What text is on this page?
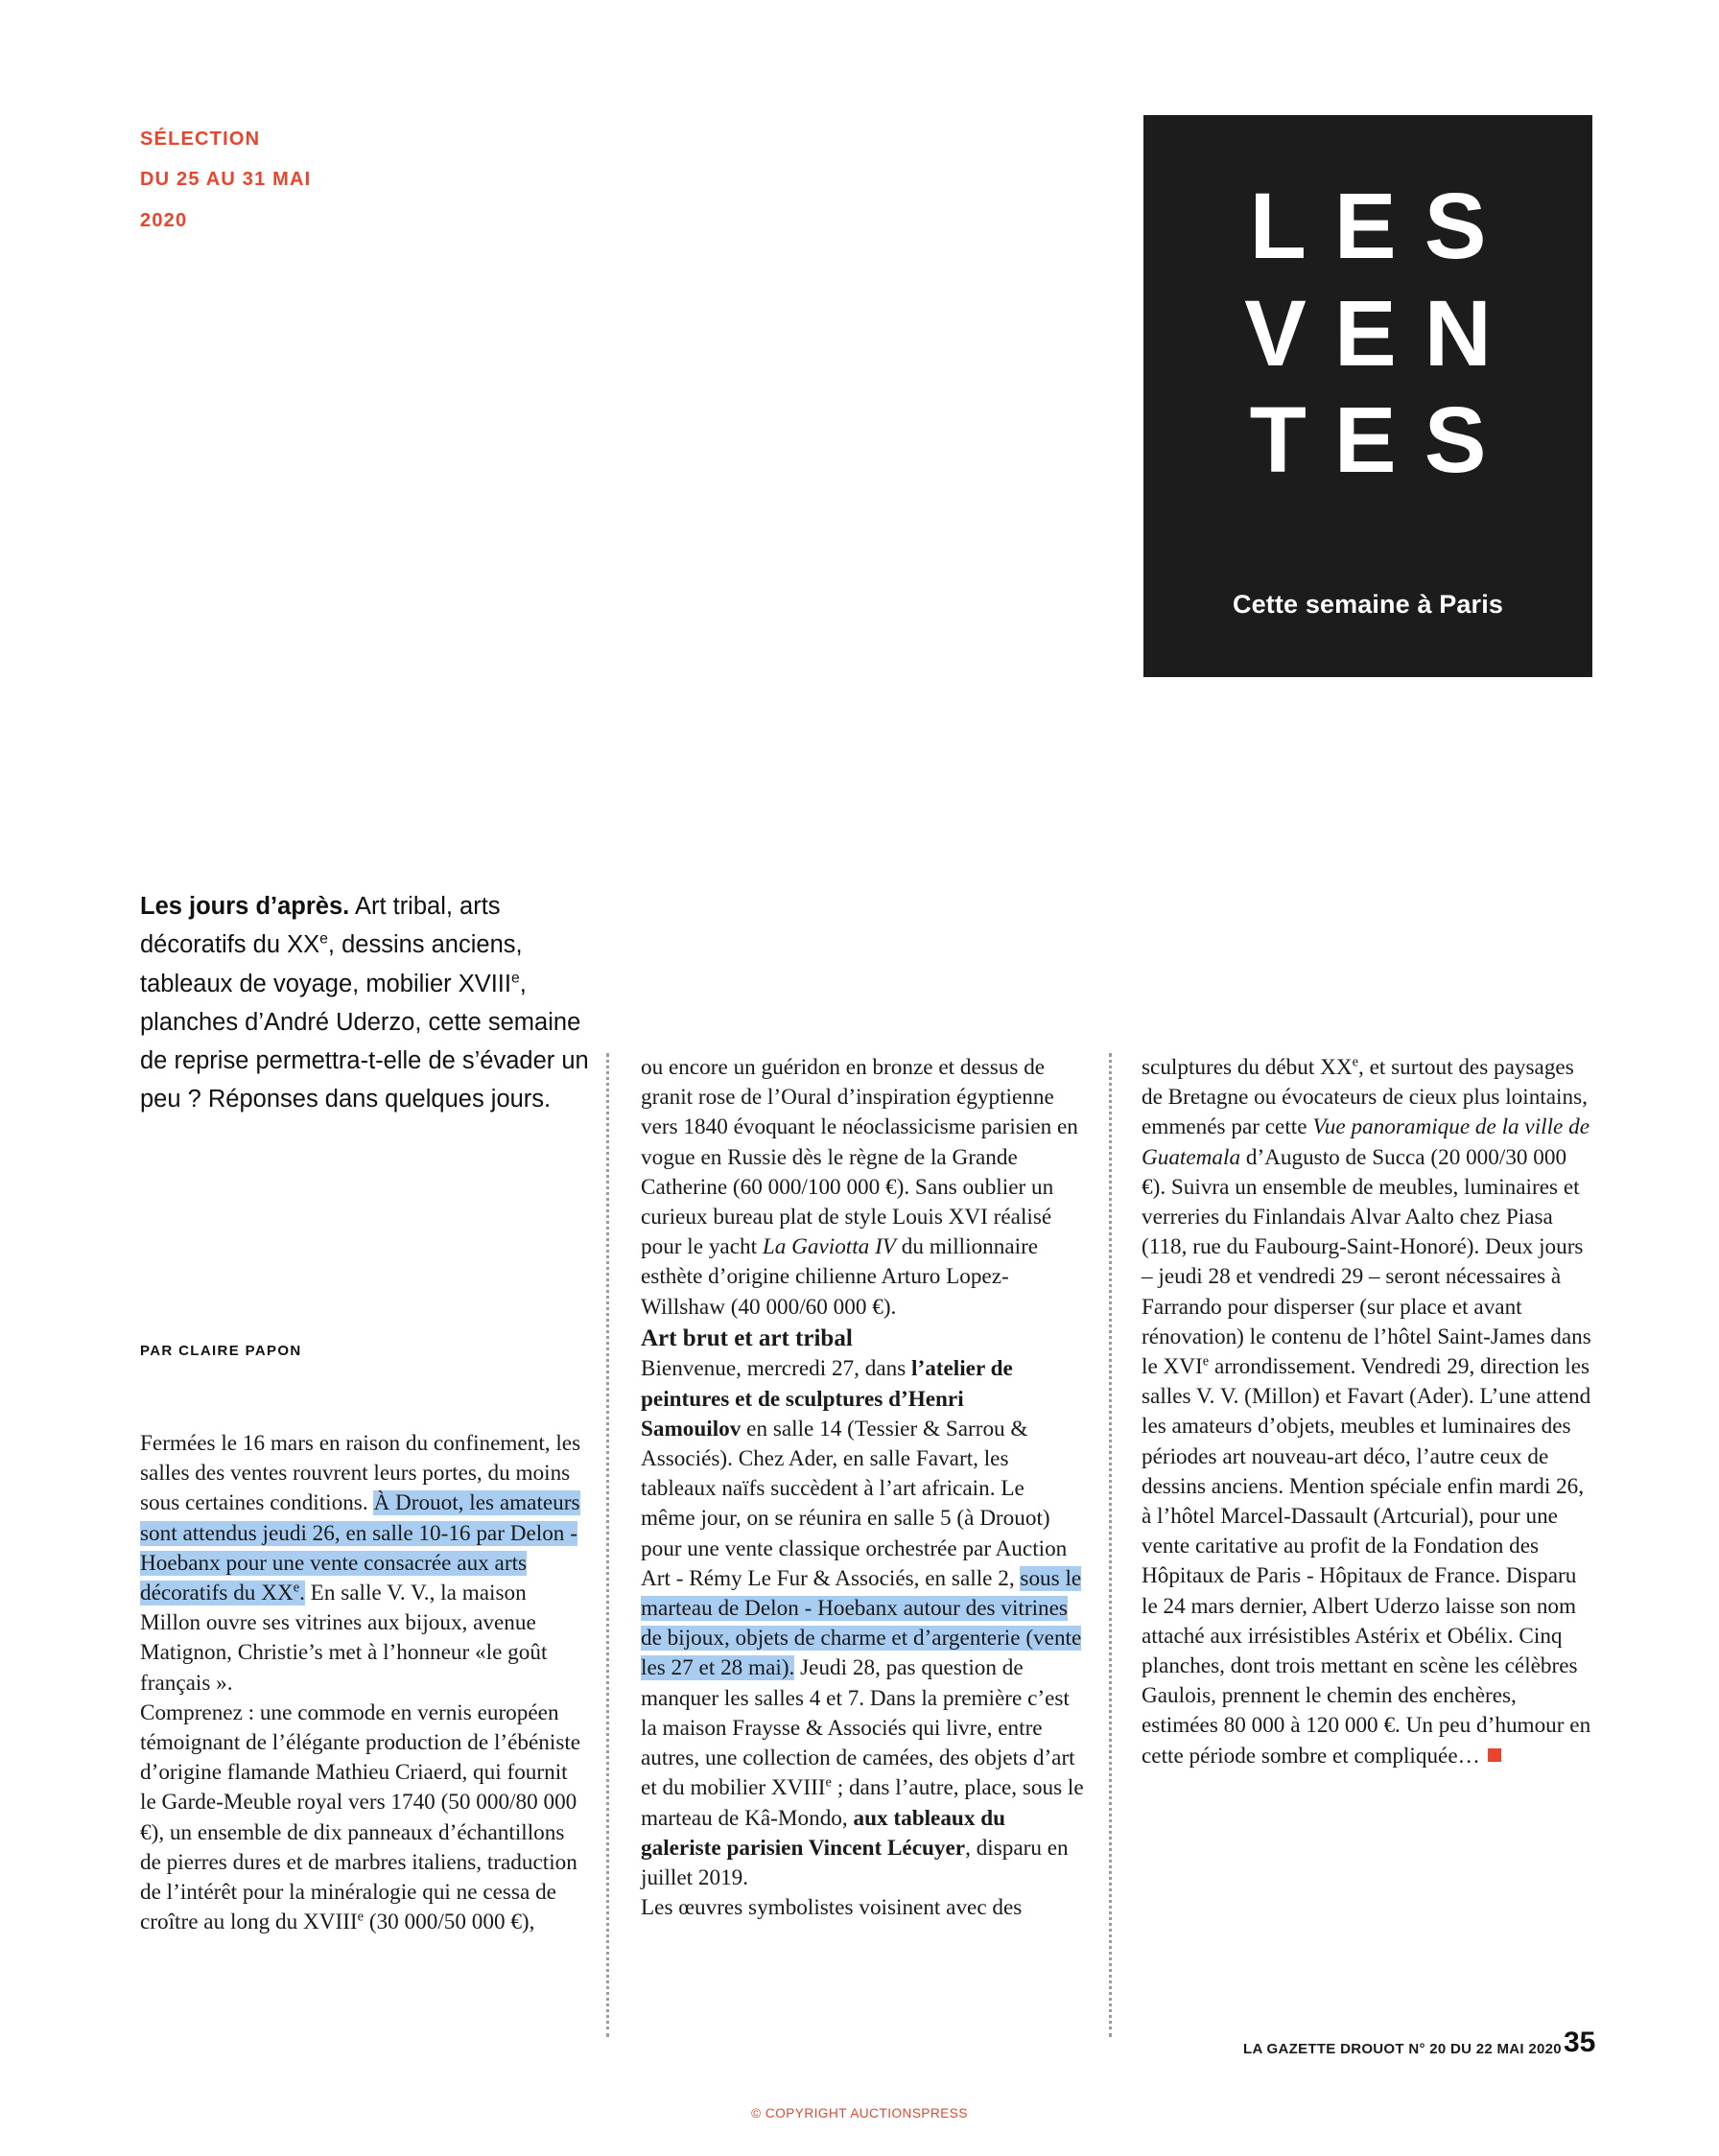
SÉLECTION
DU 25 AU 31 MAI
2020	LES
VEN
TES
Cette semaine à Paris
Les jours d’après. Art tribal, arts décoratifs du XXe, dessins anciens, tableaux de voyage, mobilier XVIIIe, planches d’André Uderzo, cette semaine de reprise permettra-t-elle de s’évader un peu ? Réponses dans quelques jours.
PAR CLAIRE PAPON

Fermées le 16 mars en raison du confinement, les salles des ventes rouvrent leurs portes, du moins sous certaines conditions. À Drouot, les amateurs sont attendus jeudi 26, en salle 10-16 par Delon - Hoebanx pour une vente consacrée aux arts décoratifs du XXe. En salle V. V., la maison Millon ouvre ses vitrines aux bijoux, avenue Matignon, Christie’s met à l’honneur «le goût français ».

Comprenez : une commode en vernis européen témoignant de l’élégante production de l’ébéniste d’origine flamande Mathieu Criaerd, qui fournit le Garde-Meuble royal vers 1740 (50 000/80 000 €), un ensemble de dix panneaux d’échantillons de pierres dures et de marbres italiens, traduction de l’intérêt pour la minéralogie qui ne cessa de croître au long du XVIIIe (30 000/50 000 €),

ou encore un guéridon en bronze et dessus de granit rose de l’Oural d’inspiration égyptienne vers 1840 évoquant le néoclassicisme parisien en vogue en Russie dès le règne de la Grande Catherine (60 000/100 000 €). Sans oublier un curieux bureau plat de style Louis XVI réalisé pour le yacht La Gaviotta IV du millionnaire esthète d’origine chilienne Arturo Lopez-Willshaw (40 000/60 000 €).

Art brut et art tribal

Bienvenue, mercredi 27, dans l’atelier de peintures et de sculptures d’Henri Samouilov en salle 14 (Tessier & Sarrou & Associés). Chez Ader, en salle Favart, les tableaux naïfs succèdent à l’art africain. Le même jour, on se réunira en salle 5 (à Drouot) pour une vente classique orchestrée par Auction Art - Rémy Le Fur & Associés, en salle 2, sous le marteau de Delon - Hoebanx autour des vitrines de bijoux, objets de charme et d’argenterie (vente les 27 et 28 mai). Jeudi 28, pas question de manquer les salles 4 et 7. Dans la première c’est la maison Fraysse & Associés qui livre, entre autres, une collection de camées, des objets d’art et du mobilier XVIIIe ; dans l’autre, place, sous le marteau de Kâ-Mondo, aux tableaux du galeriste parisien Vincent Lécuyer, disparu en juillet 2019.

Les œuvres symbolistes voisinent avec des

sculptures du début XXe, et surtout des paysages de Bretagne ou évocateurs de cieux plus lointains, emmenés par cette Vue panoramique de la ville de Guatemala d’Augusto de Succa (20 000/30 000 €). Suivra un ensemble de meubles, luminaires et verreries du Finlandais Alvar Aalto chez Piasa (118, rue du Faubourg-Saint-Honoré). Deux jours – jeudi 28 et vendredi 29 – seront nécessaires à Farrando pour disperser (sur place et avant rénovation) le contenu de l’hôtel Saint-James dans le XVIe arrondissement. Vendredi 29, direction les salles V. V. (Millon) et Favart (Ader). L’une attend les amateurs d’objets, meubles et luminaires des périodes art nouveau-art déco, l’autre ceux de dessins anciens. Mention spéciale enfin mardi 26, à l’hôtel Marcel-Dassault (Artcurial), pour une vente caritative au profit de la Fondation des Hôpitaux de Paris - Hôpitaux de France. Disparu le 24 mars dernier, Albert Uderzo laisse son nom attaché aux irrésistibles Astérix et Obélix. Cinq planches, dont trois mettant en scène les célèbres Gaulois, prennent le chemin des enchères, estimées 80 000 à 120 000 €. Un peu d’humour en cette période sombre et compliquée…

LA GAZETTE DROUOT N° 20 DU 22 MAI 2020 35
© COPYRIGHT AUCTIONSPRESS
